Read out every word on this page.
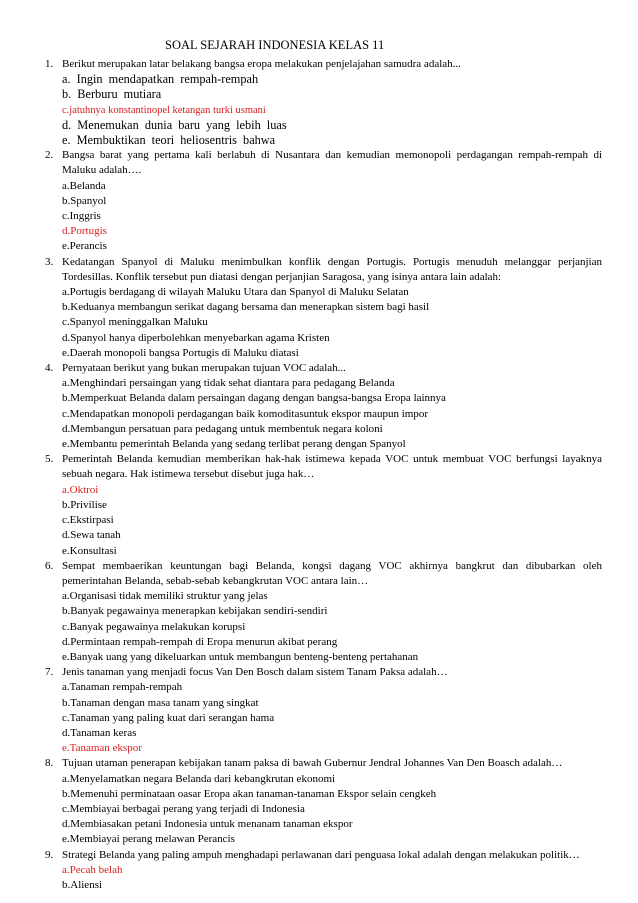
SOAL SEJARAH INDONESIA KELAS 11
1. Berikut merupakan latar belakang bangsa eropa melakukan penjelajahan samudra adalah...

a. Ingin mendapatkan rempah-rempah
b. Berburu mutiara
c.jatuhnya konstantinopel ketangan turki usmani
d. Menemukan dunia baru yang lebih luas
e. Membuktikan teori heliosentris bahwa
2. Bangsa barat yang pertama kali berlabuh di Nusantara dan kemudian memonopoli perdagangan rempah-rempah di Maluku adalah….

a.Belanda
b.Spanyol
c.Inggris
d.Portugis
e.Perancis
3. Kedatangan Spanyol di Maluku menimbulkan konflik dengan Portugis. Portugis menuduh melanggar perjanjian Tordesillas. Konflik tersebut pun diatasi dengan perjanjian Saragosa, yang isinya antara lain adalah:

a.Portugis berdagang di wilayah Maluku Utara dan Spanyol di Maluku Selatan
b.Keduanya membangun serikat dagang bersama dan menerapkan sistem bagi hasil
c.Spanyol meninggalkan Maluku
d.Spanyol hanya diperbolehkan menyebarkan agama Kristen
e.Daerah monopoli bangsa Portugis di Maluku diatasi
4. Pernyataan berikut yang bukan merupakan tujuan VOC adalah...

a.Menghindari persaingan yang tidak sehat diantara para pedagang Belanda
b.Memperkuat Belanda dalam persaingan dagang dengan bangsa-bangsa Eropa lainnya
c.Mendapatkan monopoli perdagangan baik komoditasuntuk ekspor maupun impor
d.Membangun persatuan para pedagang untuk membentuk negara koloni
e.Membantu pemerintah Belanda yang sedang terlibat perang dengan Spanyol
5. Pemerintah Belanda kemudian memberikan hak-hak istimewa kepada VOC untuk membuat VOC berfungsi layaknya sebuah negara. Hak istimewa tersebut disebut juga hak…

a.Oktroi
b.Privilise
c.Ekstirpasi
d.Sewa tanah
e.Konsultasi
6. Sempat membaerikan keuntungan bagi Belanda, kongsi dagang VOC akhirnya bangkrut dan dibubarkan oleh pemerintahan Belanda, sebab-sebab kebangkrutan VOC antara lain…

a.Organisasi tidak memiliki struktur yang jelas
b.Banyak pegawainya menerapkan kebijakan sendiri-sendiri
c.Banyak pegawainya melakukan korupsi
d.Permintaan rempah-rempah di Eropa menurun akibat perang
e.Banyak uang yang dikeluarkan untuk membangun benteng-benteng pertahanan
7. Jenis tanaman yang menjadi focus Van Den Bosch dalam sistem Tanam Paksa adalah…

a.Tanaman rempah-rempah
b.Tanaman dengan masa tanam yang singkat
c.Tanaman yang paling kuat dari serangan hama
d.Tanaman keras
e.Tanaman ekspor
8. Tujuan utaman penerapan kebijakan tanam paksa di bawah Gubernur Jendral Johannes Van Den Boasch adalah…

a.Menyelamatkan negara Belanda dari kebangkrutan ekonomi
b.Memenuhi perminataan oasar Eropa akan tanaman-tanaman Ekspor selain cengkeh
c.Membiayai berbagai perang yang terjadi di Indonesia
d.Membiasakan petani Indonesia untuk menanam tanaman ekspor
e.Membiayai perang melawan Perancis
9. Strategi Belanda yang paling ampuh menghadapi perlawanan dari penguasa lokal adalah dengan melakukan politik…

a.Pecah belah
b.Aliensi
